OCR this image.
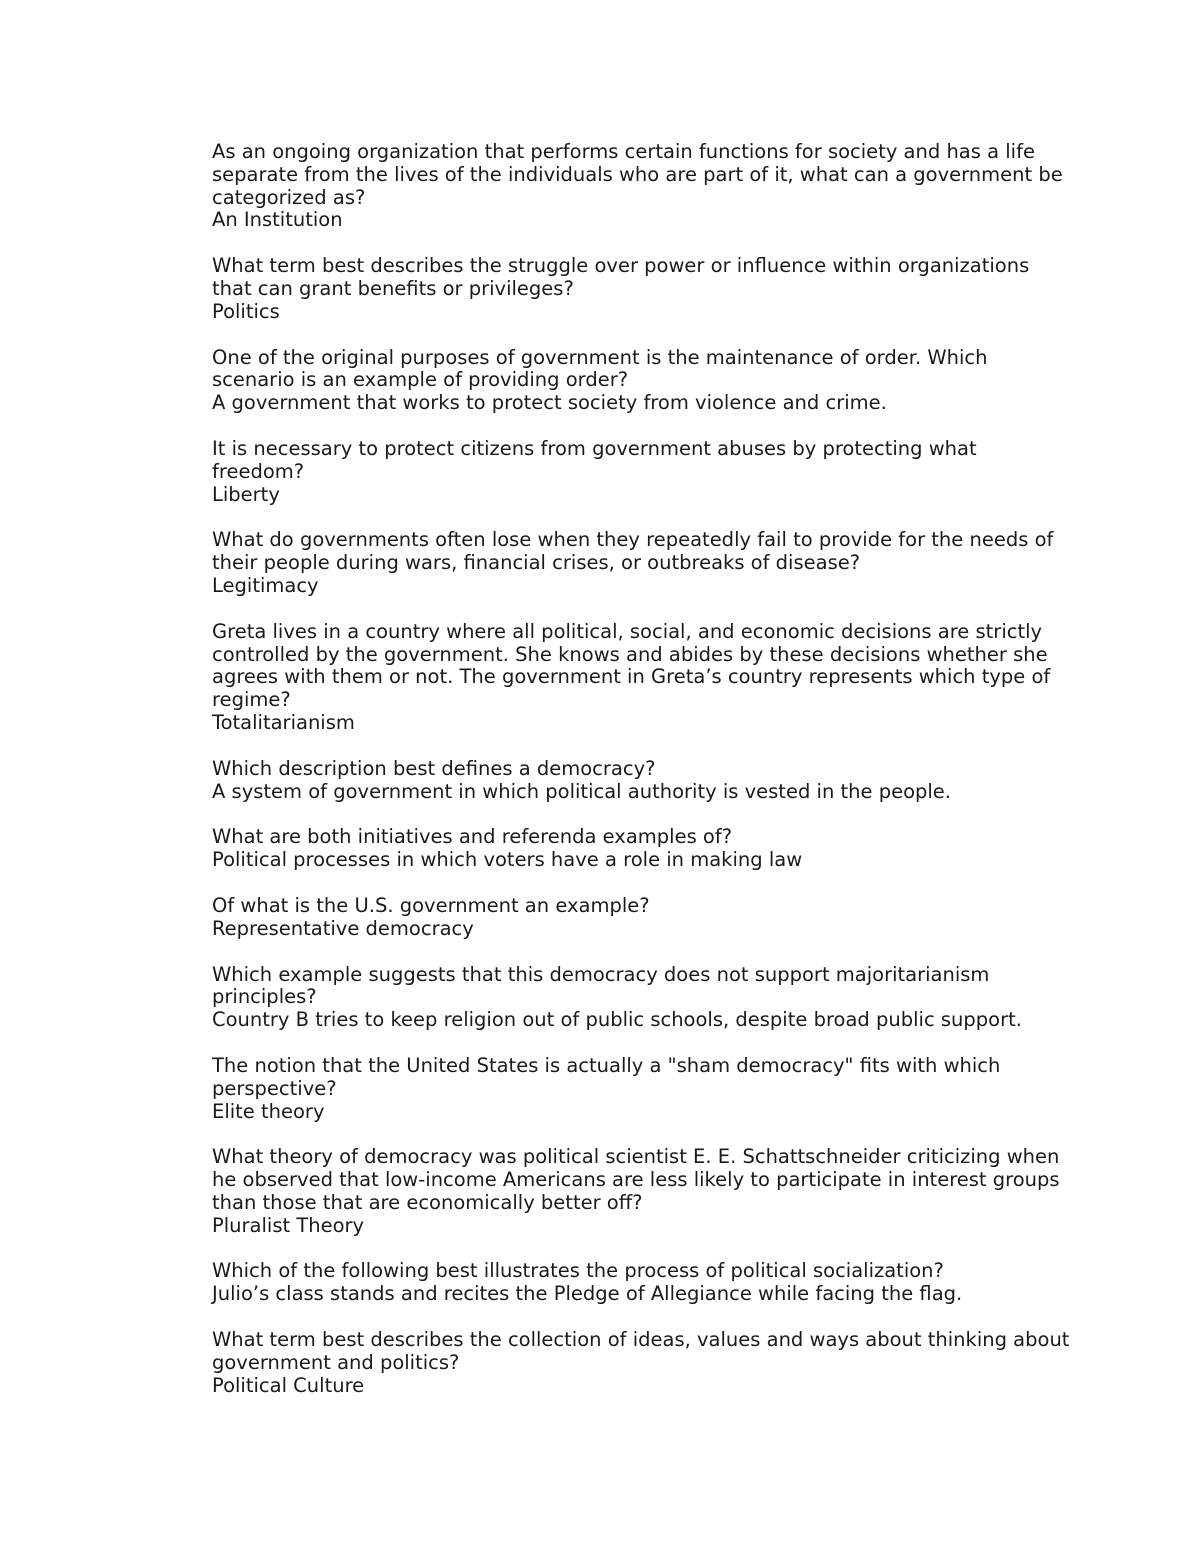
As an ongoing organization that performs certain functions for society and has a life separate from the lives of the individuals who are part of it, what can a government be categorized as?
An Institution
What term best describes the struggle over power or influence within organizations that can grant benefits or privileges?
Politics
One of the original purposes of government is the maintenance of order. Which scenario is an example of providing order?
A government that works to protect society from violence and crime.
It is necessary to protect citizens from government abuses by protecting what freedom?
Liberty
What do governments often lose when they repeatedly fail to provide for the needs of their people during wars, financial crises, or outbreaks of disease?
Legitimacy
Greta lives in a country where all political, social, and economic decisions are strictly controlled by the government. She knows and abides by these decisions whether she agrees with them or not. The government in Greta’s country represents which type of regime?
Totalitarianism
Which description best defines a democracy?
A system of government in which political authority is vested in the people.
What are both initiatives and referenda examples of?
Political processes in which voters have a role in making law
Of what is the U.S. government an example?
Representative democracy
Which example suggests that this democracy does not support majoritarianism principles?
Country B tries to keep religion out of public schools, despite broad public support.
The notion that the United States is actually a "sham democracy" fits with which perspective?
Elite theory
What theory of democracy was political scientist E. E. Schattschneider criticizing when he observed that low-income Americans are less likely to participate in interest groups than those that are economically better off?
Pluralist Theory
Which of the following best illustrates the process of political socialization?
Julio’s class stands and recites the Pledge of Allegiance while facing the flag.
What term best describes the collection of ideas, values and ways about thinking about government and politics?
Political Culture
